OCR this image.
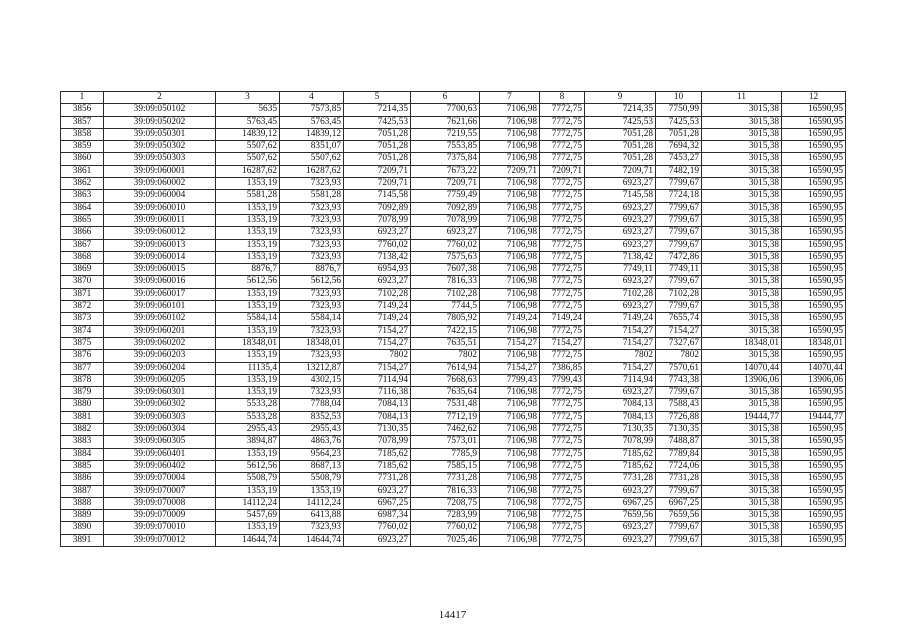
1	2	3	4	5	6	7	8	9	10	11	12
3856	39:09:050102	5635	7573,85	7214,35	7700,63	7106,98	7772,75	7214,35	7750,99	3015,38	16590,95
3857	39:09:050202	5763,45	5763,45	7425,53	7621,66	7106,98	7772,75	7425,53	7425,53	3015,38	16590,95
3858	39:09:050301	14839,12	14839,12	7051,28	7219,55	7106,98	7772,75	7051,28	7051,28	3015,38	16590,95
3859	39:09:050302	5507,62	8351,07	7051,28	7553,85	7106,98	7772,75	7051,28	7694,32	3015,38	16590,95
3860	39:09:050303	5507,62	5507,62	7051,28	7375,84	7106,98	7772,75	7051,28	7453,27	3015,38	16590,95
3861	39:09:060001	16287,62	16287,62	7209,71	7673,22	7209,71	7209,71	7209,71	7482,19	3015,38	16590,95
3862	39:09:060002	1353,19	7323,93	7209,71	7209,71	7106,98	7772,75	6923,27	7799,67	3015,38	16590,95
3863	39:09:060004	5581,28	5581,28	7145,58	7759,49	7106,98	7772,75	7145,58	7724,18	3015,38	16590,95
3864	39:09:060010	1353,19	7323,93	7092,89	7092,89	7106,98	7772,75	6923,27	7799,67	3015,38	16590,95
3865	39:09:060011	1353,19	7323,93	7078,99	7078,99	7106,98	7772,75	6923,27	7799,67	3015,38	16590,95
3866	39:09:060012	1353,19	7323,93	6923,27	6923,27	7106,98	7772,75	6923,27	7799,67	3015,38	16590,95
3867	39:09:060013	1353,19	7323,93	7760,02	7760,02	7106,98	7772,75	6923,27	7799,67	3015,38	16590,95
3868	39:09:060014	1353,19	7323,93	7138,42	7575,63	7106,98	7772,75	7138,42	7472,86	3015,38	16590,95
3869	39:09:060015	8876,7	8876,7	6954,93	7607,38	7106,98	7772,75	7749,11	7749,11	3015,38	16590,95
3870	39:09:060016	5612,56	5612,56	6923,27	7816,33	7106,98	7772,75	6923,27	7799,67	3015,38	16590,95
3871	39:09:060017	1353,19	7323,93	7102,28	7102,28	7106,98	7772,75	7102,28	7102,28	3015,38	16590,95
3872	39:09:060101	1353,19	7323,93	7149,24	7744,5	7106,98	7772,75	6923,27	7799,67	3015,38	16590,95
3873	39:09:060102	5584,14	5584,14	7149,24	7805,92	7149,24	7149,24	7149,24	7655,74	3015,38	16590,95
3874	39:09:060201	1353,19	7323,93	7154,27	7422,15	7106,98	7772,75	7154,27	7154,27	3015,38	16590,95
3875	39:09:060202	18348,01	18348,01	7154,27	7635,51	7154,27	7154,27	7154,27	7327,67	18348,01	18348,01
3876	39:09:060203	1353,19	7323,93	7802	7802	7106,98	7772,75	7802	7802	3015,38	16590,95
3877	39:09:060204	11135,4	13212,87	7154,27	7614,94	7154,27	7386,85	7154,27	7570,61	14070,44	14070,44
3878	39:09:060205	1353,19	4302,15	7114,94	7668,63	7799,43	7799,43	7114,94	7743,38	13906,06	13906,06
3879	39:09:060301	1353,19	7323,93	7116,38	7635,64	7106,98	7772,75	6923,27	7799,67	3015,38	16590,95
3880	39:09:060302	5533,28	7788,04	7084,13	7531,48	7106,98	7772,75	7084,13	7588,43	3015,38	16590,95
3881	39:09:060303	5533,28	8352,53	7084,13	7712,19	7106,98	7772,75	7084,13	7726,88	19444,77	19444,77
3882	39:09:060304	2955,43	2955,43	7130,35	7462,62	7106,98	7772,75	7130,35	7130,35	3015,38	16590,95
3883	39:09:060305	3894,87	4863,76	7078,99	7573,01	7106,98	7772,75	7078,99	7488,87	3015,38	16590,95
3884	39:09:060401	1353,19	9564,23	7185,62	7785,9	7106,98	7772,75	7185,62	7789,84	3015,38	16590,95
3885	39:09:060402	5612,56	8687,13	7185,62	7585,15	7106,98	7772,75	7185,62	7724,06	3015,38	16590,95
3886	39:09:070004	5508,79	5508,79	7731,28	7731,28	7106,98	7772,75	7731,28	7731,28	3015,38	16590,95
3887	39:09:070007	1353,19	1353,19	6923,27	7816,33	7106,98	7772,75	6923,27	7799,67	3015,38	16590,95
3888	39:09:070008	14112,24	14112,24	6967,25	7208,75	7106,98	7772,75	6967,25	6967,25	3015,38	16590,95
3889	39:09:070009	5457,69	6413,88	6987,34	7283,99	7106,98	7772,75	7659,56	7659,56	3015,38	16590,95
3890	39:09:070010	1353,19	7323,93	7760,02	7760,02	7106,98	7772,75	6923,27	7799,67	3015,38	16590,95
3891	39:09:070012	14644,74	14644,74	6923,27	7025,46	7106,98	7772,75	6923,27	7799,67	3015,38	16590,95
14417
